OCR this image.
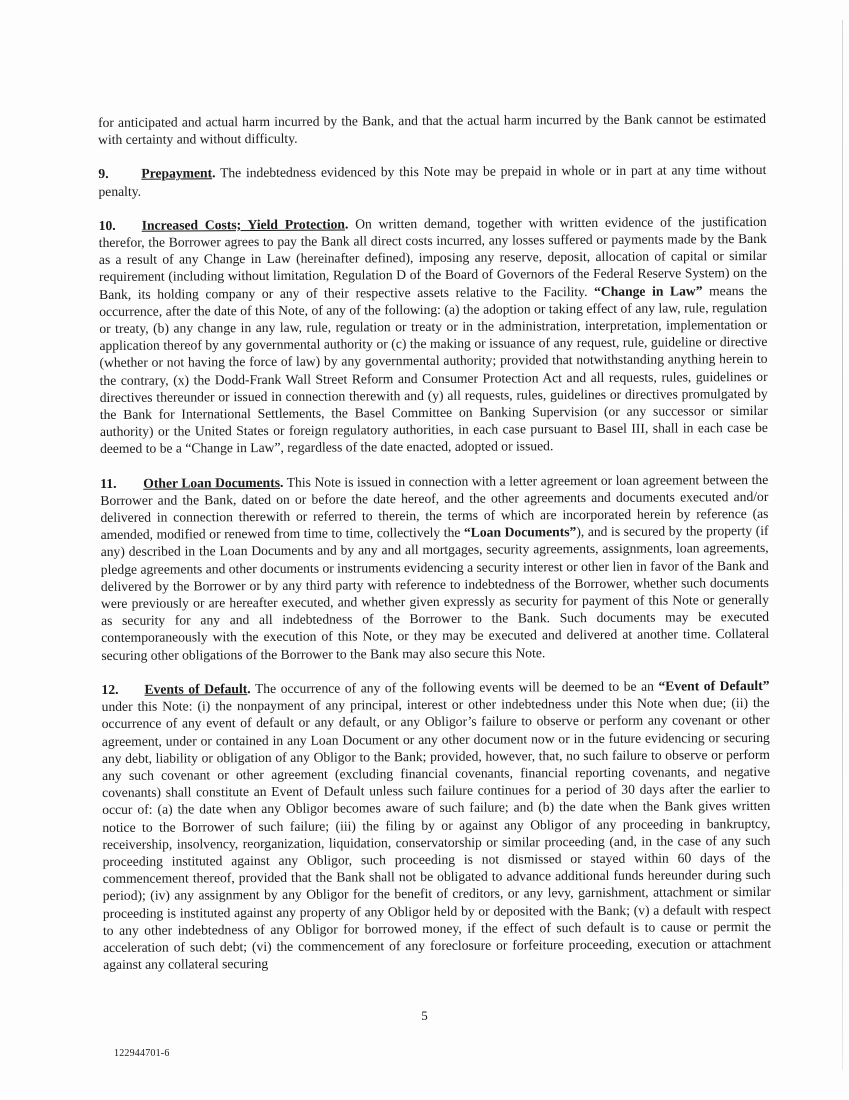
for anticipated and actual harm incurred by the Bank, and that the actual harm incurred by the Bank cannot be estimated with certainty and without difficulty.

9. Prepayment. The indebtedness evidenced by this Note may be prepaid in whole or in part at any time without penalty.

10. Increased Costs; Yield Protection. On written demand, together with written evidence of the justification therefor, the Borrower agrees to pay the Bank all direct costs incurred, any losses suffered or payments made by the Bank as a result of any Change in Law (hereinafter defined), imposing any reserve, deposit, allocation of capital or similar requirement (including without limitation, Regulation D of the Board of Governors of the Federal Reserve System) on the Bank, its holding company or any of their respective assets relative to the Facility. “Change in Law” means the occurrence, after the date of this Note, of any of the following: (a) the adoption or taking effect of any law, rule, regulation or treaty, (b) any change in any law, rule, regulation or treaty or in the administration, interpretation, implementation or application thereof by any governmental authority or (c) the making or issuance of any request, rule, guideline or directive (whether or not having the force of law) by any governmental authority; provided that notwithstanding anything herein to the contrary, (x) the Dodd-Frank Wall Street Reform and Consumer Protection Act and all requests, rules, guidelines or directives thereunder or issued in connection therewith and (y) all requests, rules, guidelines or directives promulgated by the Bank for International Settlements, the Basel Committee on Banking Supervision (or any successor or similar authority) or the United States or foreign regulatory authorities, in each case pursuant to Basel III, shall in each case be deemed to be a “Change in Law”, regardless of the date enacted, adopted or issued.

11. Other Loan Documents. This Note is issued in connection with a letter agreement or loan agreement between the Borrower and the Bank, dated on or before the date hereof, and the other agreements and documents executed and/or delivered in connection therewith or referred to therein, the terms of which are incorporated herein by reference (as amended, modified or renewed from time to time, collectively the “Loan Documents”), and is secured by the property (if any) described in the Loan Documents and by any and all mortgages, security agreements, assignments, loan agreements, pledge agreements and other documents or instruments evidencing a security interest or other lien in favor of the Bank and delivered by the Borrower or by any third party with reference to indebtedness of the Borrower, whether such documents were previously or are hereafter executed, and whether given expressly as security for payment of this Note or generally as security for any and all indebtedness of the Borrower to the Bank. Such documents may be executed contemporaneously with the execution of this Note, or they may be executed and delivered at another time. Collateral securing other obligations of the Borrower to the Bank may also secure this Note.

12. Events of Default. The occurrence of any of the following events will be deemed to be an “Event of Default” under this Note: (i) the nonpayment of any principal, interest or other indebtedness under this Note when due; (ii) the occurrence of any event of default or any default, or any Obligor’s failure to observe or perform any covenant or other agreement, under or contained in any Loan Document or any other document now or in the future evidencing or securing any debt, liability or obligation of any Obligor to the Bank; provided, however, that, no such failure to observe or perform any such covenant or other agreement (excluding financial covenants, financial reporting covenants, and negative covenants) shall constitute an Event of Default unless such failure continues for a period of 30 days after the earlier to occur of: (a) the date when any Obligor becomes aware of such failure; and (b) the date when the Bank gives written notice to the Borrower of such failure; (iii) the filing by or against any Obligor of any proceeding in bankruptcy, receivership, insolvency, reorganization, liquidation, conservatorship or similar proceeding (and, in the case of any such proceeding instituted against any Obligor, such proceeding is not dismissed or stayed within 60 days of the commencement thereof, provided that the Bank shall not be obligated to advance additional funds hereunder during such period); (iv) any assignment by any Obligor for the benefit of creditors, or any levy, garnishment, attachment or similar proceeding is instituted against any property of any Obligor held by or deposited with the Bank; (v) a default with respect to any other indebtedness of any Obligor for borrowed money, if the effect of such default is to cause or permit the acceleration of such debt; (vi) the commencement of any foreclosure or forfeiture proceeding, execution or attachment against any collateral securing

5
122944701-6
